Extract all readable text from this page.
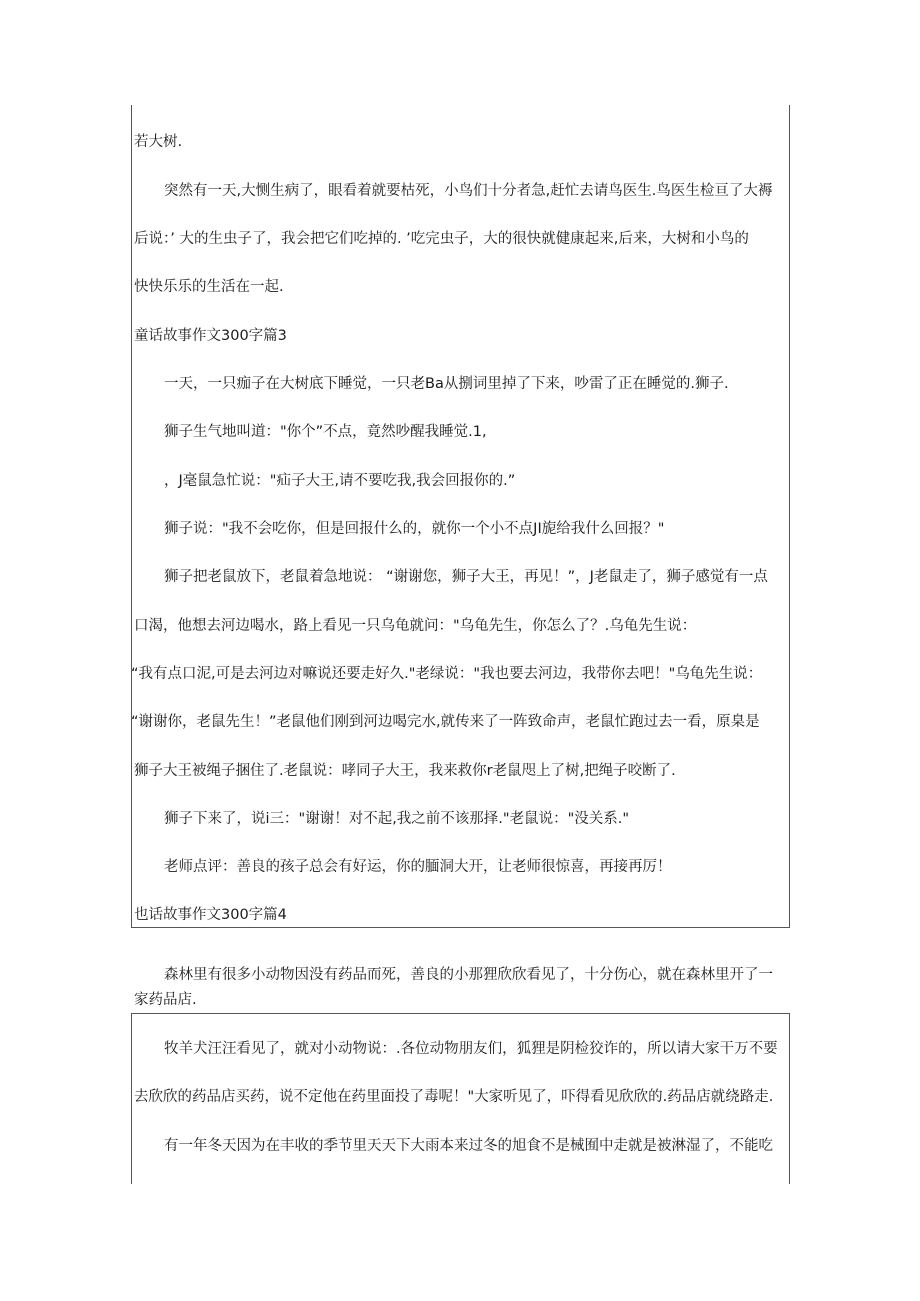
若大树.
突然有一天,大恻生病了，眼看着就要枯死，小鸟们十分者急,赶忙去请鸟医生.鸟医生检亘了大褥
后说：’ 大的生虫子了，我会把它们吃掉的. ’吃完虫子，大的很快就健康起来,后来，大树和小鸟的
快快乐乐的生活在一起.
童话故事作文300字篇3
一天，一只痂子在大树底下睡觉，一只老Ba从捌词里掉了下来，吵雷了正在睡觉的.狮子.
狮子生气地叫道："你个”不点，竟然吵醒我睡觉.1,
，J毫鼠急忙说："疝子大王,请不要吃我,我会回报你的.”
狮子说："我不会吃你，但是回报什么的，就你一个小不点JI旎给我什么回报？"
狮子把老鼠放下，老鼠着急地说： “谢谢您，狮子大王，再见！”，J老鼠走了，狮子感觉有一点
口渴，他想去河边喝水，路上看见一只乌龟就问："乌龟先生，你怎么了？.乌龟先生说：
“我有点口泥,可是去河边对嘛说还要走好久."老绿说："我也要去河边，我带你去吧！"乌龟先生说：
“谢谢你，老鼠先生！”老鼠他们刚到河边喝完水,就传来了一阵致命声，老鼠忙跑过去一看，原臬是
狮子大王被绳子捆住了.老鼠说：哮同子大王，我来救你r老鼠咫上了树,把绳子咬断了.
狮子下来了，说i三："谢谢！对不起,我之前不该那择."老鼠说："没关系."
老师点评：善良的孩子总会有好运，你的腼洞大开，让老师很惊喜，再接再厉！
也话故事作文300字篇4
森林里有很多小动物因没有药品而死，善良的小那狸欣欣看见了，十分伤心，就在森林里开了一
家药品店.
牧羊犬汪汪看见了，就对小动物说：.各位动物朋友们，狐狸是阴检狡诈的，所以请大家干万不要
去欣欣的药品店买药，说不定他在药里面投了毒呢！"大家听见了，吓得看见欣欣的.药品店就绕路走.
有一年冬天因为在丰收的季节里天天下大雨本来过冬的旭食不是械囿中走就是被淋湿了，不能吃
